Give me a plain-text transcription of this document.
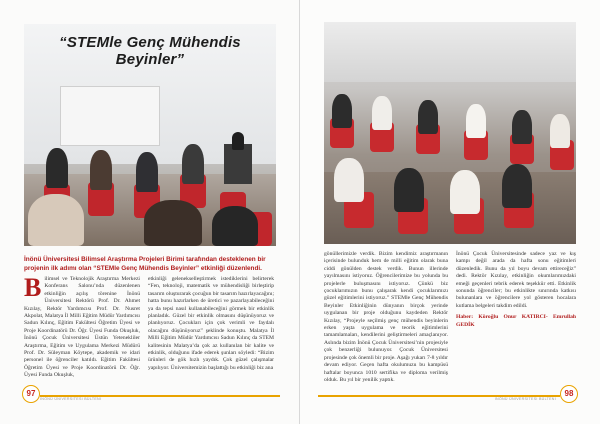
“STEMle Genç Mühendis Beyinler”

İnönü Üniversitesi Bilimsel Araştırma Projeleri Birimi tarafından desteklenen bir projenin ilk adımı olan “STEMle Genç Mühendis Beyinler” etkinliği düzenlendi.

Bilimsel ve Teknolojik Araştırma Merkezi Konferans Salonu’nda düzenlenen etkinliğin açılış törenine İnönü Üniversitesi Rektörü Prof. Dr. Ahmet Kızılay, Rektör Yardımcısı Prof. Dr. Nusret Akpolat, Malatya İl Milli Eğitim Müdür Yardımcısı Sadun Kılınç, Eğitim Fakültesi Öğretim Üyesi ve Proje Koordinatörü Dr. Öğr. Üyesi Funda Okuşluk, İnönü Çocuk Üniversitesi Üstün Yetenekliler Araştırma, Eğitim ve Uygulama Merkezi Müdürü Prof. Dr. Süleyman Köytepe, akademik ve idari personel ile öğrenciler katıldı. Eğitim Fakültesi Öğretim Üyesi ve Proje Koordinatörü Dr. Öğr. Üyesi Funda Okuşluk,
etkinliği gelenekselleştirmek istediklerini belirterek “Fen, teknoloji, matematik ve mühendisliği birleştirip tasarım oluşturarak çocuğun bir tasarım hazırlayacağını; hatta bunu hazırlarken de üretici ve pazarlayabileceğini ya da tepsi nasıl kullanabileceğini görmek bir etkinlik planladık. Güzel bir etkinlik olmasını düşünüyoruz ve planlıyoruz. Çocukları için çok verimli ve faydalı olacağını düşünüyoruz” şeklinde konuştu. Malatya İl Milli Eğitim Müdür Yardımcısı Sadun Kılınç da STEM kalitesinin Malatya’da çok az kullanılan bir kalite ve etkinlik, olduğunu ifade ederek şunları söyledi: “Bizim ürünleri de gök hızlı yaydık. Çok güzel çalışmalar yapılıyor. Üniversitemizin başlattığı bu etkinliği biz ana
97
İNÖNÜ ÜNİVERSİTESİ BÜLTENİ
gönüllerimizle verdik. Bizim kendimiz araştırmanın içerisinde bulunduk hem de milli eğitim olarak buna ciddi gönülden destek verdik. Bunun illerinde yayılmasını istiyoruz. Öğrencilerimize bu yolunda bu projelerle buluşmasını istiyoruz. Çünkü biz çocuklarımızın bunu çalışarak kendi çocuklarımızı güzel eğitimlerini istiyoruz.” STEMle Genç Mühendis Beyinler Etkinliğinin dünyanın birçok yerinde uygulanan bir proje olduğunu kaydeden Rektör Kızılay, “Projeyle seçilmiş genç mühendis beyinlerin erken yaşta uygulama ve teorik eğitimlerini tamamlamaları, kendilerini geliştirmeleri amaçlanıyor. Aslında bizim İnönü Çocuk Üniversitesi’nin projesiyle çok benzerliği bulunuyor. Çocuk Üniversitesi projesinde çok önemli bir proje. Aşağı yukarı 7-8 yıldır devam ediyor. Geçen hafta okulumuzu bu kampüsü haftalar boyunca 1010 sertifika ve diploma verilmiş olduk. Bu yıl bir yenilik yaptık.
İnönü Çocuk Üniversitesinde sadece yaz ve kış kampı değil arada da hafta sonu eğitimleri düzenledik. Bunu da yıl boyu devam ettireceğiz” dedi. Rektör Kızılay, etkinliğin okumlarımızdaki emeği geçenleri tebrik ederek teşekkür etti. Etkinlik sonunda öğrenciler; bu etkinlikte sınırında katkısı bulunanlara ve öğrencilere yol gösteren hocalara kutlama belgeleri takdim edildi.
Haber: Köroğlu Onur KATIRCI- Emrullah GEDİK
İNÖNÜ ÜNİVERSİTESİ BÜLTENİ
98
